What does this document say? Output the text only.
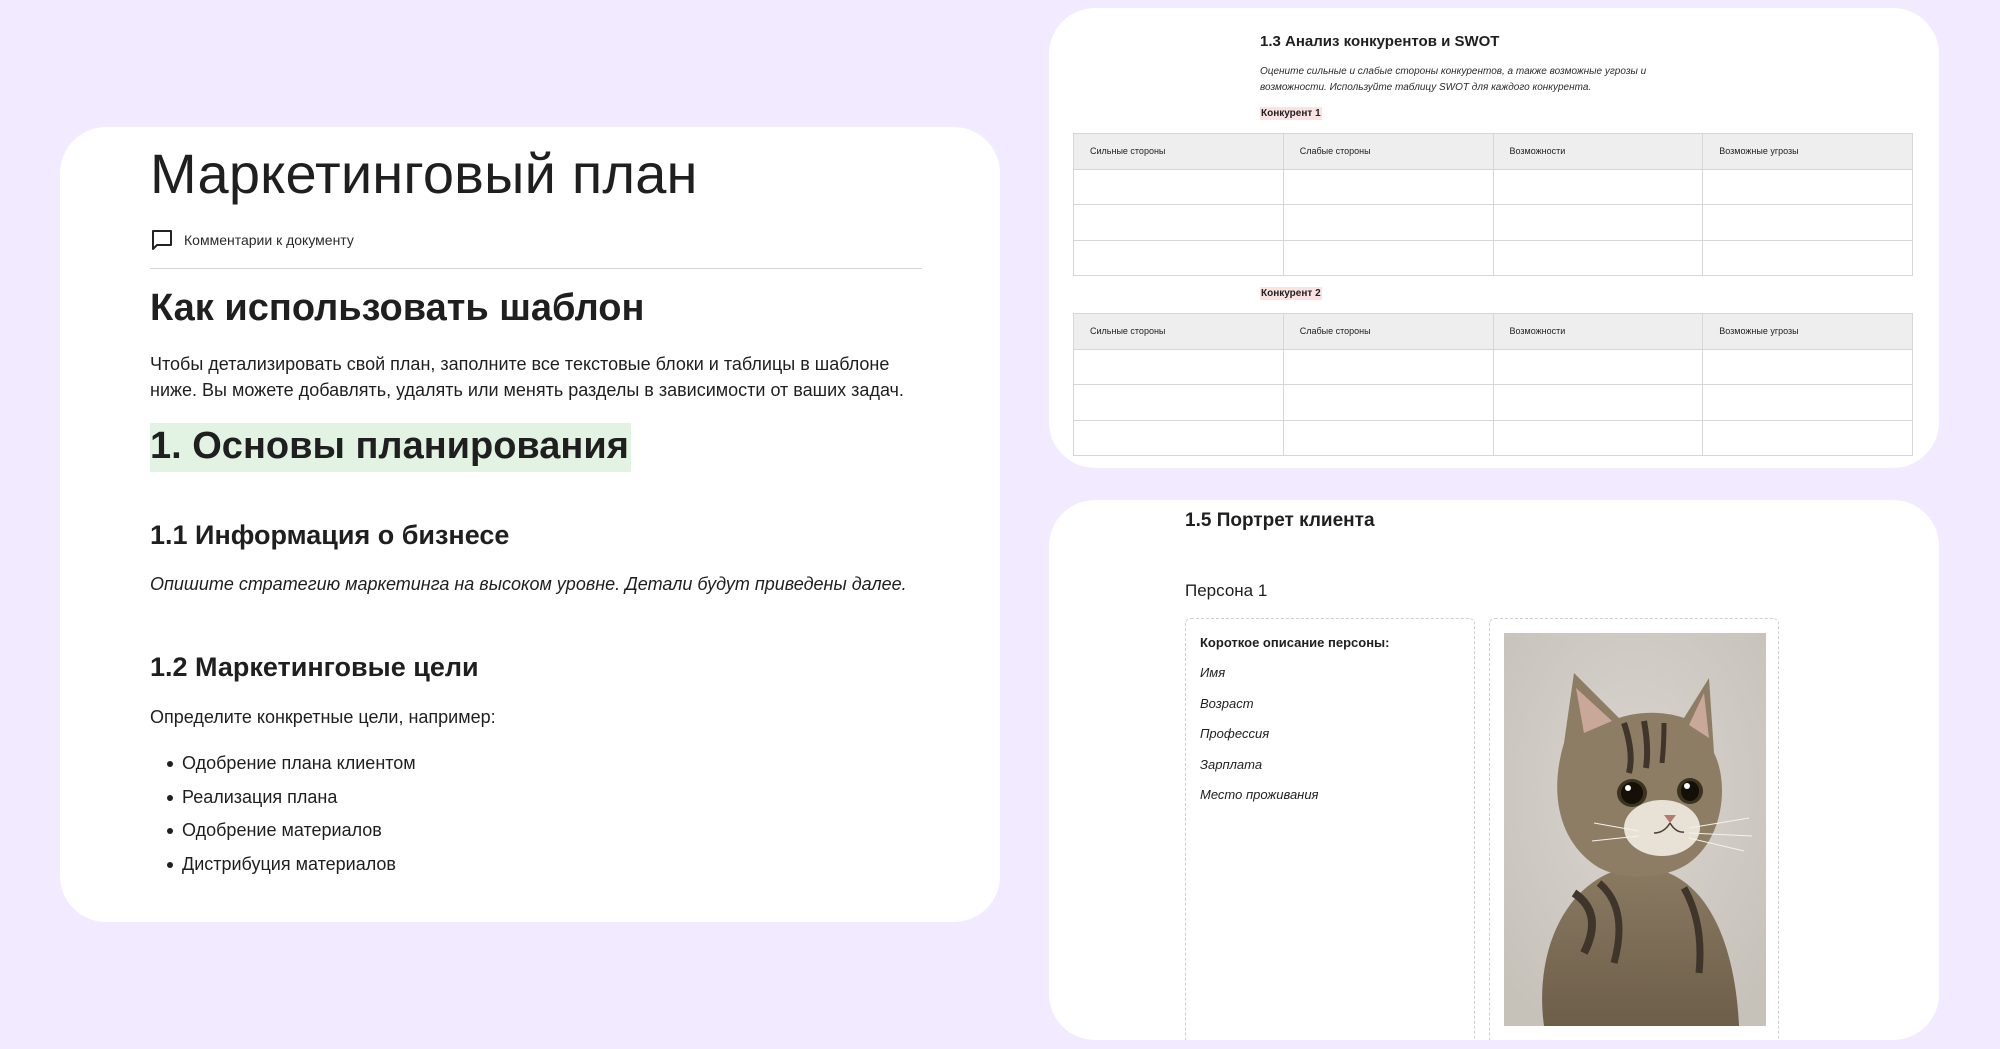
Маркетинговый план
Комментарии к документу
Как использовать шаблон
Чтобы детализировать свой план, заполните все текстовые блоки и таблицы в шаблоне ниже. Вы можете добавлять, удалять или менять разделы в зависимости от ваших задач.
1. Основы планирования
1.1 Информация о бизнесе
Опишите стратегию маркетинга на высоком уровне. Детали будут приведены далее.
1.2 Маркетинговые цели
Определите конкретные цели, например:
Одобрение плана клиентом
Реализация плана
Одобрение материалов
Дистрибуция материалов
1.3 Анализ конкурентов и SWOT
Оцените сильные и слабые стороны конкурентов, а также возможные угрозы и возможности. Используйте таблицу SWOT для каждого конкурента.
Конкурент 1
Сильные стороны	Слабые стороны	Возможности	Возможные угрозы

Конкурент 2
Сильные стороны	Слабые стороны	Возможности	Возможные угрозы

1.5 Портрет клиента
Персона 1
Короткое описание персоны:
Имя
Возраст
Профессия
Зарплата
Место проживания
